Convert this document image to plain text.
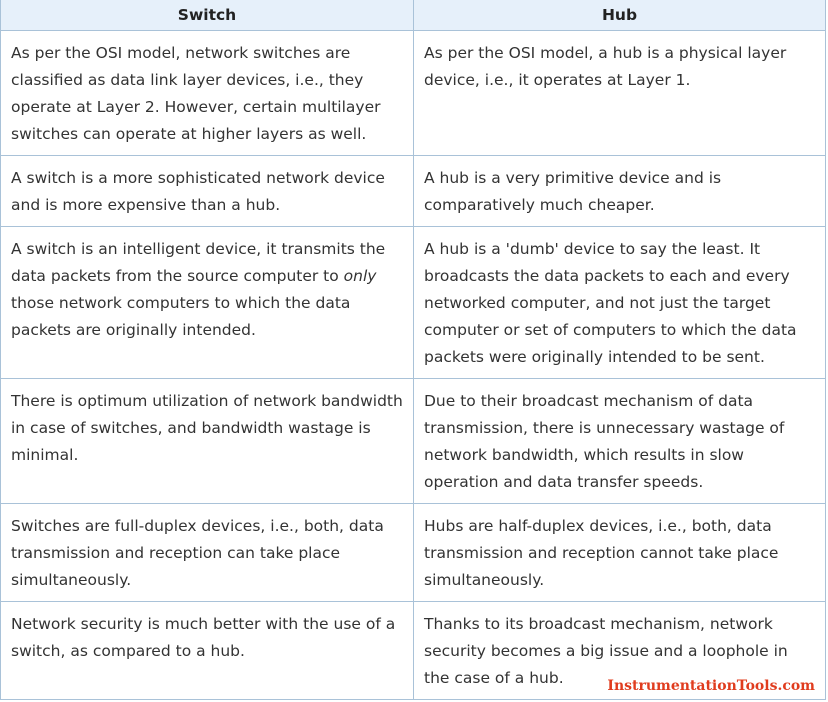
Switch	Hub
As per the OSI model, network switches are classified as data link layer devices, i.e., they operate at Layer 2. However, certain multilayer switches can operate at higher layers as well.	As per the OSI model, a hub is a physical layer device, i.e., it operates at Layer 1.
A switch is a more sophisticated network device and is more expensive than a hub.	A hub is a very primitive device and is comparatively much cheaper.
A switch is an intelligent device, it transmits the data packets from the source computer to only those network computers to which the data packets are originally intended.	A hub is a 'dumb' device to say the least. It broadcasts the data packets to each and every networked computer, and not just the target computer or set of computers to which the data packets were originally intended to be sent.
There is optimum utilization of network bandwidth in case of switches, and bandwidth wastage is minimal.	Due to their broadcast mechanism of data transmission, there is unnecessary wastage of network bandwidth, which results in slow operation and data transfer speeds.
Switches are full-duplex devices, i.e., both, data transmission and reception can take place simultaneously.	Hubs are half-duplex devices, i.e., both, data transmission and reception cannot take place simultaneously.
Network security is much better with the use of a switch, as compared to a hub.	Thanks to its broadcast mechanism, network security becomes a big issue and a loophole in the case of a hub.	InstrumentationTools.com
